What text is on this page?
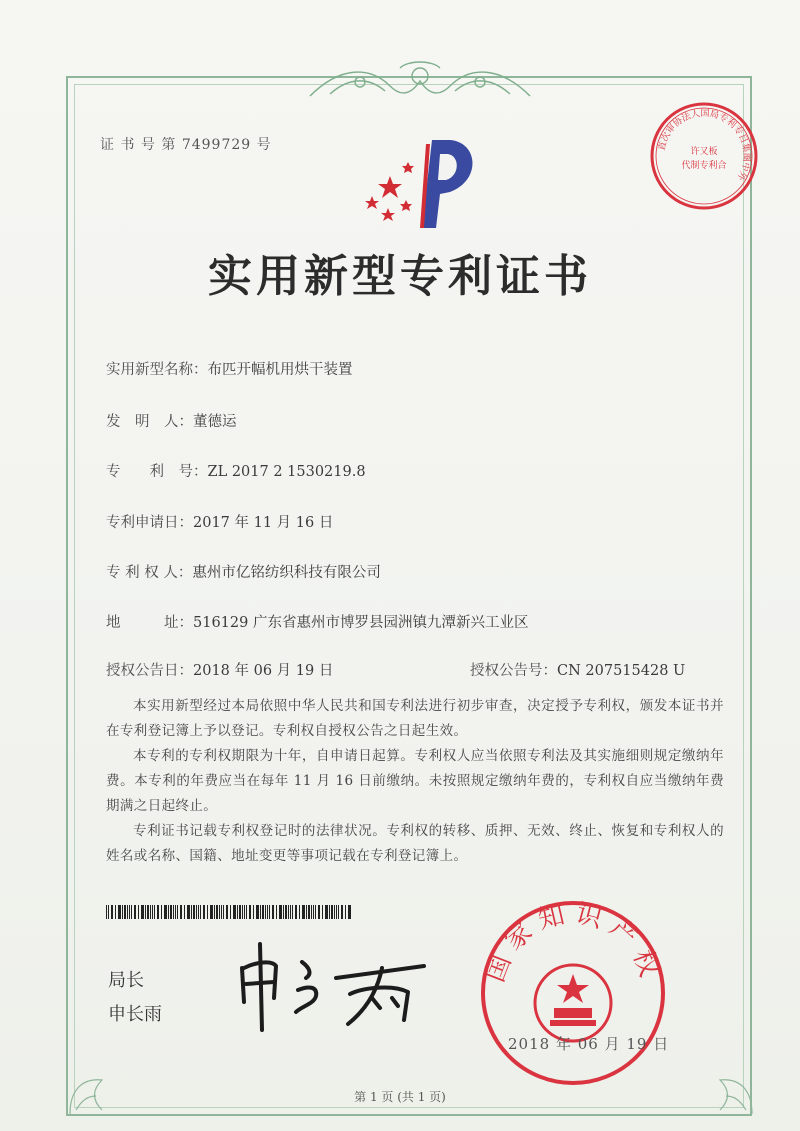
证 书 号 第 7499729 号	直次审协法人国局专利专目集圈中外
许又板
代制专利合
实用新型专利证书
实用新型名称：布匹开幅机用烘干装置
发　明　人：董德运
专　　利　号：ZL 2017 2 1530219.8
专利申请日：2017 年 11 月 16 日
专 利 权 人：惠州市亿铭纺织科技有限公司
地　　　址：516129 广东省惠州市博罗县园洲镇九潭新兴工业区
授权公告日：2018 年 06 月 19 日	授权公告号：CN 207515428 U

本实用新型经过本局依照中华人民共和国专利法进行初步审查，决定授予专利权，颁发本证书并在专利登记簿上予以登记。专利权自授权公告之日起生效。

本专利的专利权期限为十年，自申请日起算。专利权人应当依照专利法及其实施细则规定缴纳年费。本专利的年费应当在每年 11 月 16 日前缴纳。未按照规定缴纳年费的，专利权自应当缴纳年费期满之日起终止。

专利证书记载专利权登记时的法律状况。专利权的转移、质押、无效、终止、恢复和专利权人的姓名或名称、国籍、地址变更等事项记载在专利登记簿上。

局长
申长雨
国家知识产权
2018 年 06 月 19 日
第 1 页 (共 1 页)
